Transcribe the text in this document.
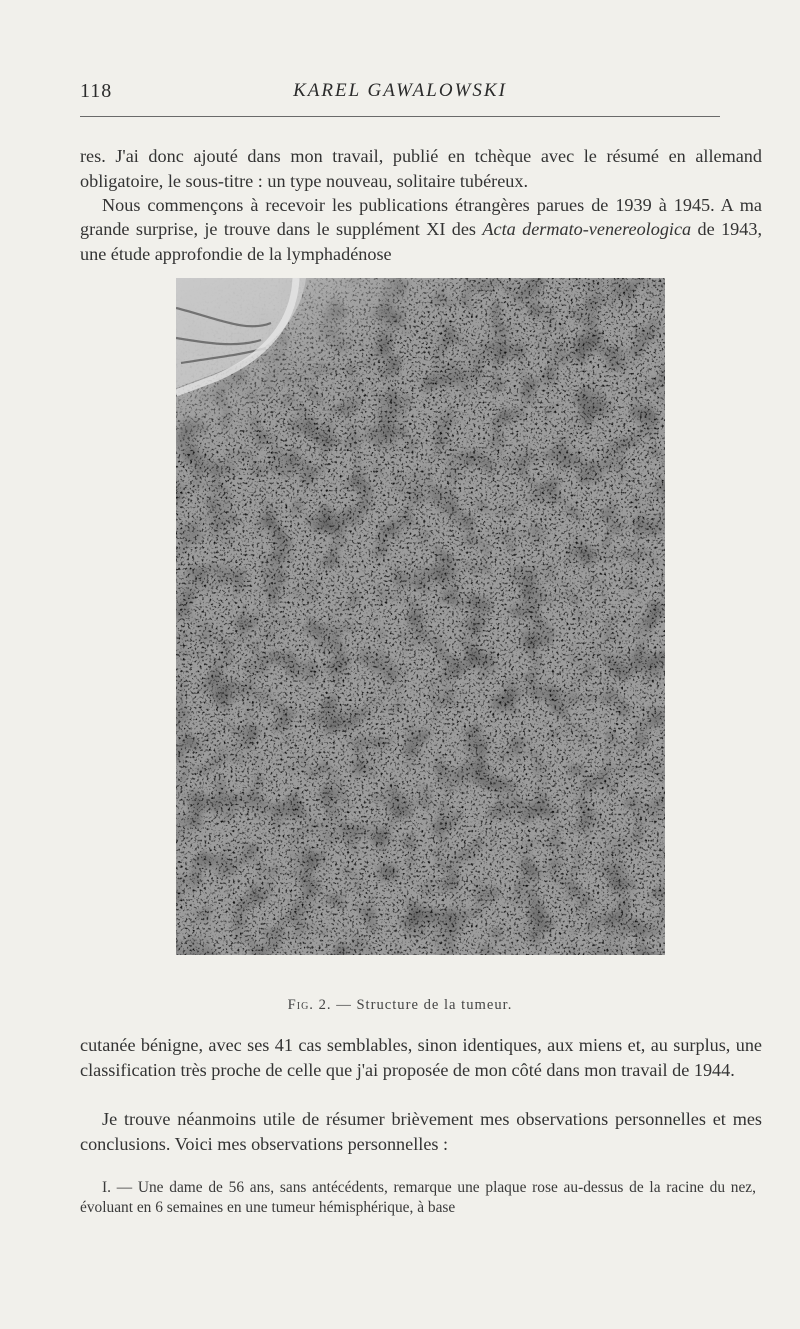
118	KAREL GAWALOWSKI

res. J'ai donc ajouté dans mon travail, publié en tchèque avec le résumé en allemand obligatoire, le sous-titre : un type nouveau, solitaire tubéreux.

Nous commençons à recevoir les publications étrangères parues de 1939 à 1945. A ma grande surprise, je trouve dans le supplément XI des Acta dermato-venereologica de 1943, une étude approfondie de la lymphadénose

Fig. 2. — Structure de la tumeur.

cutanée bénigne, avec ses 41 cas semblables, sinon identiques, aux miens et, au surplus, une classification très proche de celle que j'ai proposée de mon côté dans mon travail de 1944.

Je trouve néanmoins utile de résumer brièvement mes observations personnelles et mes conclusions. Voici mes observations personnelles :

I. — Une dame de 56 ans, sans antécédents, remarque une plaque rose au-dessus de la racine du nez, évoluant en 6 semaines en une tumeur hémisphérique, à base
